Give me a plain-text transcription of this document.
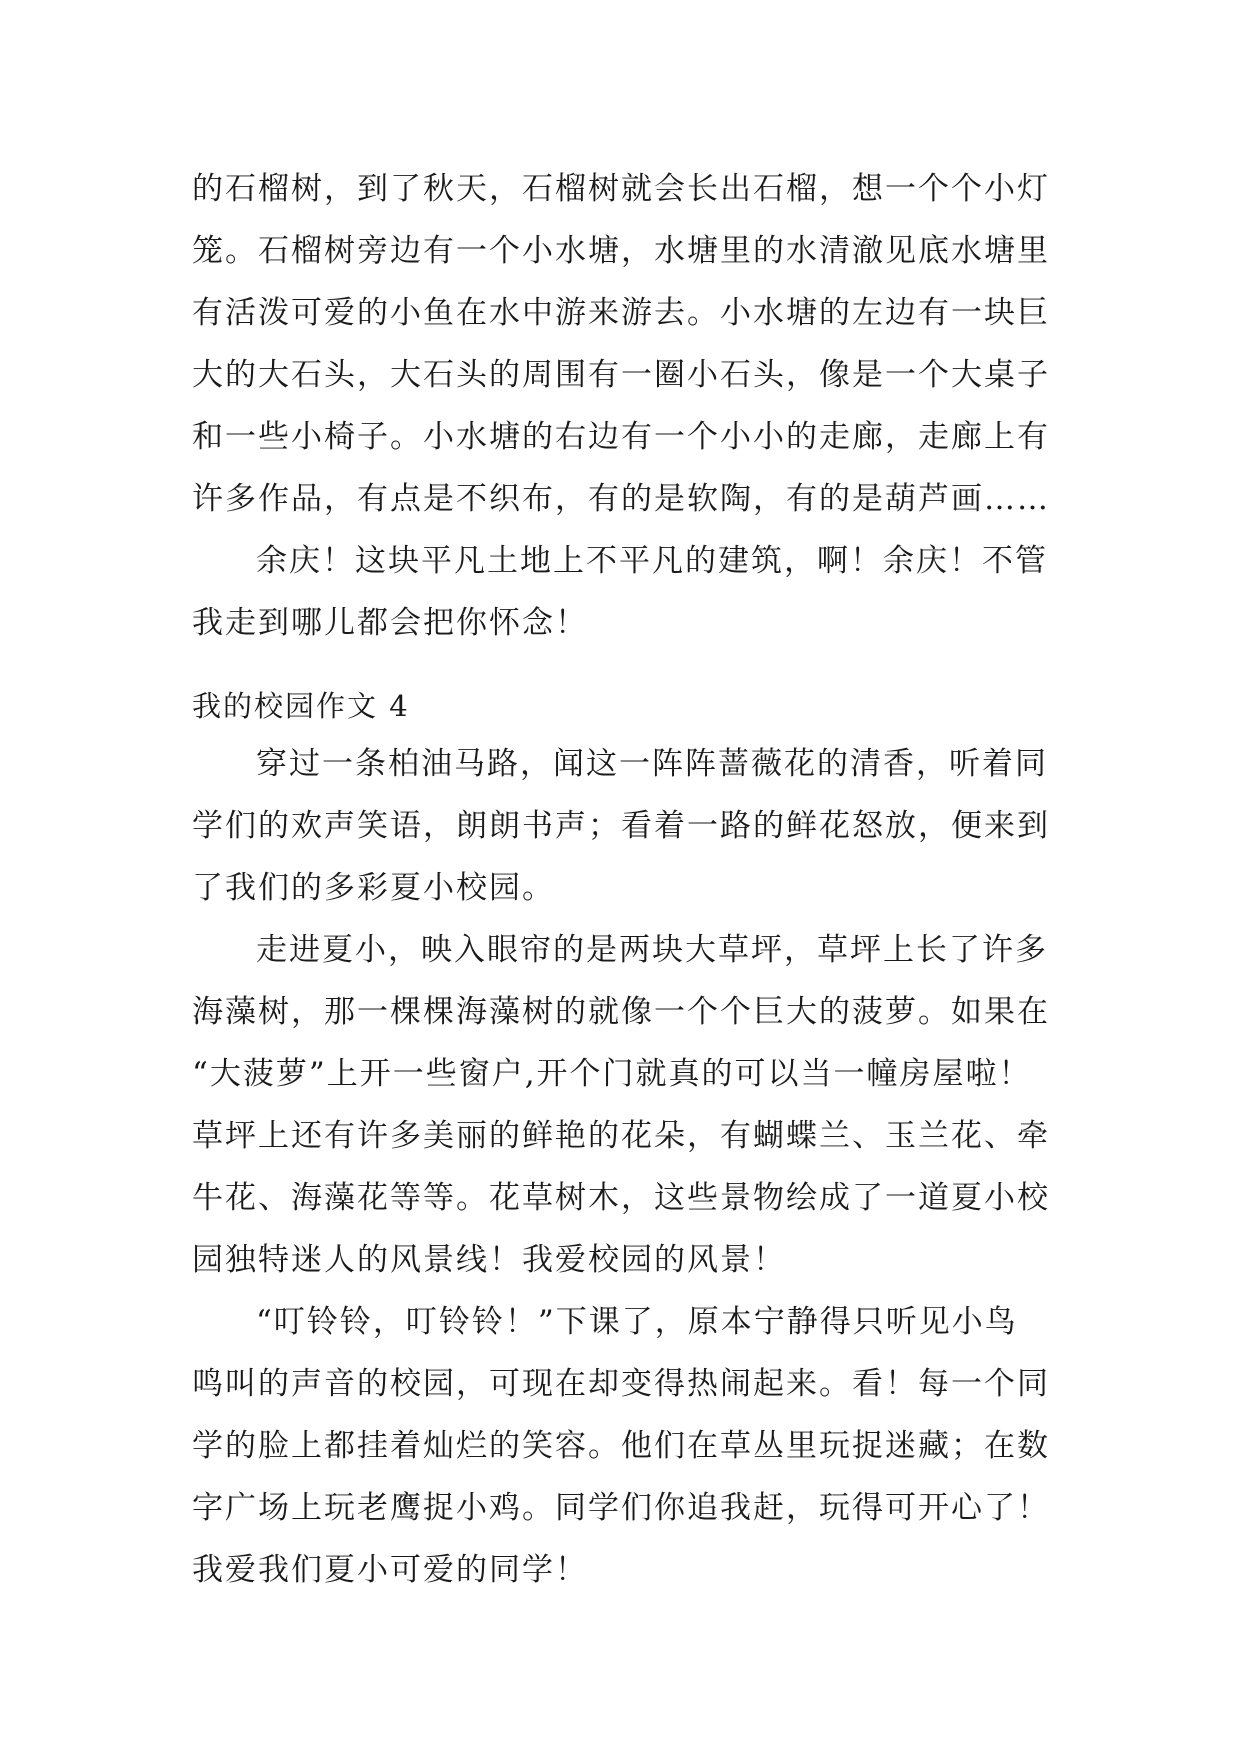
的石榴树，到了秋天，石榴树就会长出石榴，想一个个小灯
笼。石榴树旁边有一个小水塘，水塘里的水清澈见底水塘里
有活泼可爱的小鱼在水中游来游去。小水塘的左边有一块巨
大的大石头，大石头的周围有一圈小石头，像是一个大桌子
和一些小椅子。小水塘的右边有一个小小的走廊，走廊上有
许多作品，有点是不织布，有的是软陶，有的是葫芦画……
余庆！这块平凡土地上不平凡的建筑，啊！余庆！不管
我走到哪儿都会把你怀念！
我的校园作文 4
穿过一条柏油马路，闻这一阵阵蔷薇花的清香，听着同
学们的欢声笑语，朗朗书声；看着一路的鲜花怒放，便来到
了我们的多彩夏小校园。
走进夏小，映入眼帘的是两块大草坪，草坪上长了许多
海藻树，那一棵棵海藻树的就像一个个巨大的菠萝。如果在
“大菠萝”上开一些窗户,开个门就真的可以当一幢房屋啦！
草坪上还有许多美丽的鲜艳的花朵，有蝴蝶兰、玉兰花、牵
牛花、海藻花等等。花草树木，这些景物绘成了一道夏小校
园独特迷人的风景线！我爱校园的风景！
“叮铃铃，叮铃铃！”下课了，原本宁静得只听见小鸟
鸣叫的声音的校园，可现在却变得热闹起来。看！每一个同
学的脸上都挂着灿烂的笑容。他们在草丛里玩捉迷藏；在数
字广场上玩老鹰捉小鸡。同学们你追我赶，玩得可开心了！
我爱我们夏小可爱的同学！
